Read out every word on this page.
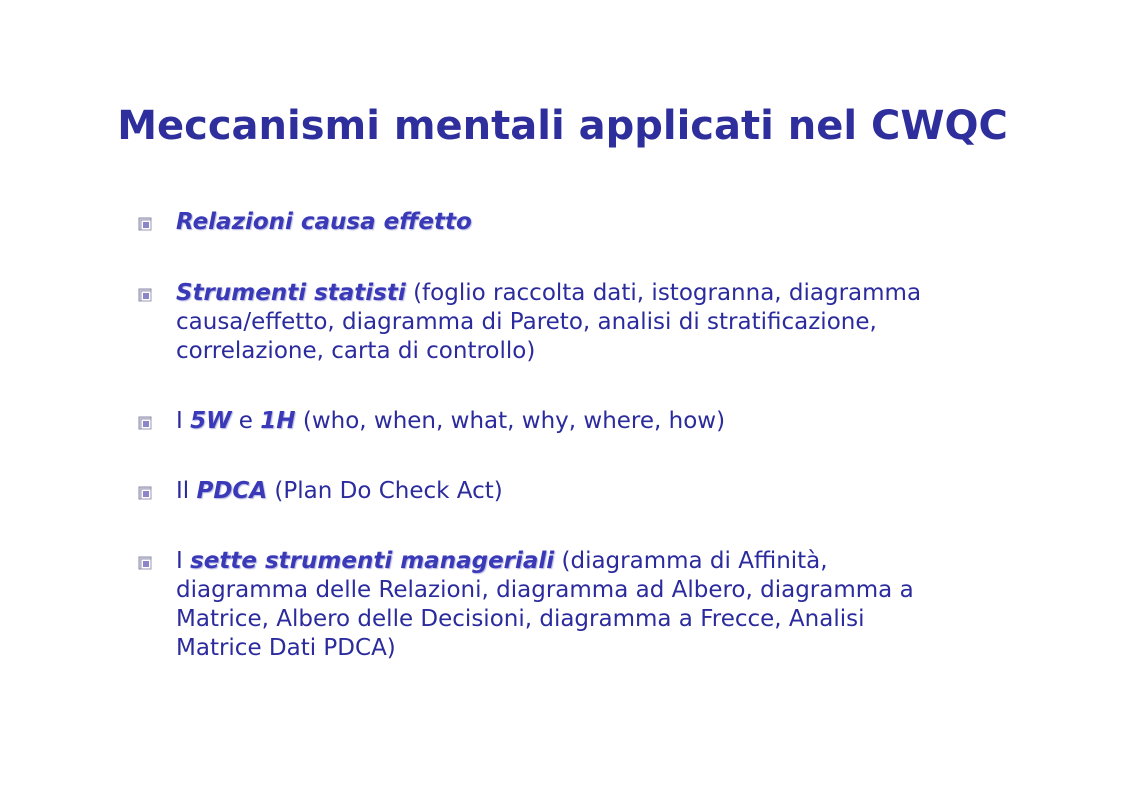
Meccanismi mentali applicati nel CWQC
Relazioni causa effetto
Strumenti statisti (foglio raccolta dati, istogranna, diagramma
causa/effetto, diagramma di Pareto, analisi di stratificazione,
correlazione, carta di controllo)
I 5W e 1H (who, when, what, why, where, how)
Il PDCA (Plan Do Check Act)
I sette strumenti manageriali (diagramma di Affinità,
diagramma delle Relazioni, diagramma ad Albero, diagramma a
Matrice, Albero delle Decisioni, diagramma a Frecce, Analisi
Matrice Dati PDCA)
